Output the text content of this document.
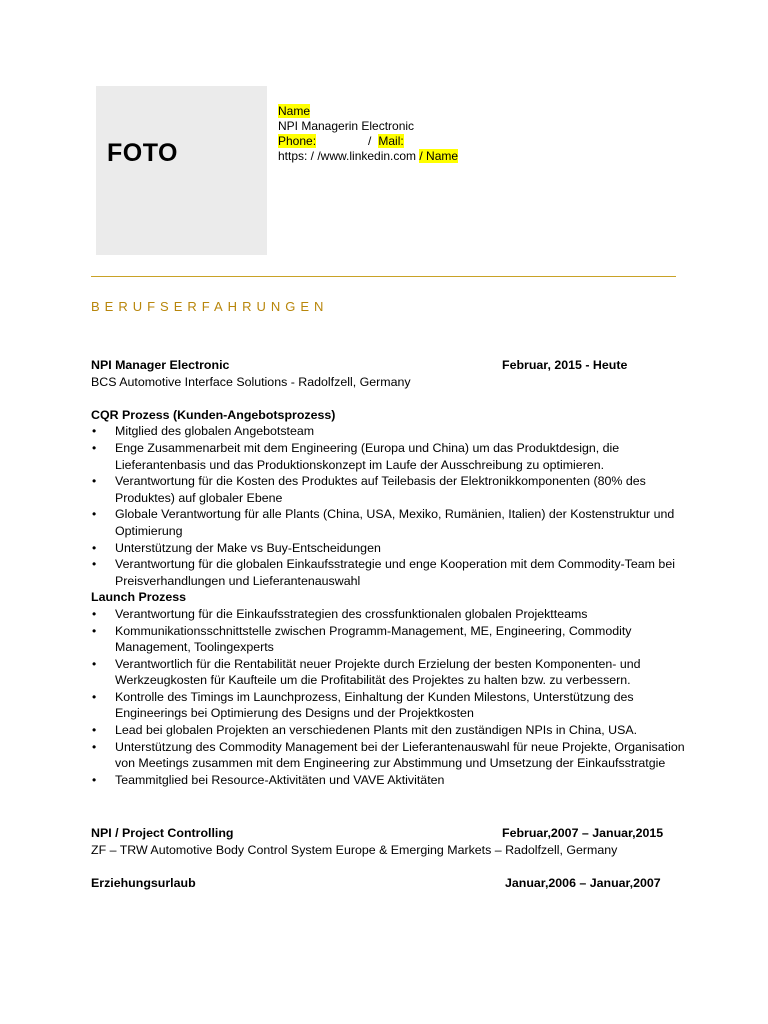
FOTO
Name
NPI Managerin Electronic
Phone:	/ Mail:
https: / /www.linkedin.com / Name
BERUFSERFAHRUNGEN
NPI Manager Electronic	Februar, 2015 - Heute
BCS Automotive Interface Solutions - Radolfzell, Germany
CQR Prozess (Kunden-Angebotsprozess)
• Mitglied des globalen Angebotsteam
• Enge Zusammenarbeit mit dem Engineering (Europa und China) um das Produktdesign, die Lieferantenbasis und das Produktionskonzept im Laufe der Ausschreibung zu optimieren.
• Verantwortung für die Kosten des Produktes auf Teilebasis der Elektronikkomponenten (80% des Produktes) auf globaler Ebene
• Globale Verantwortung für alle Plants (China, USA, Mexiko, Rumänien, Italien) der Kostenstruktur und Optimierung
• Unterstützung der Make vs Buy-Entscheidungen
• Verantwortung für die globalen Einkaufsstrategie und enge Kooperation mit dem Commodity-Team bei Preisverhandlungen und Lieferantenauswahl
Launch Prozess
• Verantwortung für die Einkaufsstrategien des crossfunktionalen globalen Projektteams
• Kommunikationsschnittstelle zwischen Programm-Management, ME, Engineering, Commodity Management, Toolingexperts
• Verantwortlich für die Rentabilität neuer Projekte durch Erzielung der besten Komponenten- und Werkzeugkosten für Kaufteile um die Profitabilität des Projektes zu halten bzw. zu verbessern.
• Kontrolle des Timings im Launchprozess, Einhaltung der Kunden Milestons, Unterstützung des Engineerings bei Optimierung des Designs und der Projektkosten
• Lead bei globalen Projekten an verschiedenen Plants mit den zuständigen NPIs in China, USA.
• Unterstützung des Commodity Management bei der Lieferantenauswahl für neue Projekte, Organisation von Meetings zusammen mit dem Engineering zur Abstimmung und Umsetzung der Einkaufsstratgie
• Teammitglied bei Resource-Aktivitäten und VAVE Aktivitäten
NPI / Project Controlling	Februar,2007 – Januar,2015
ZF – TRW Automotive Body Control System Europe & Emerging Markets – Radolfzell, Germany
Erziehungsurlaub	Januar,2006 – Januar,2007
